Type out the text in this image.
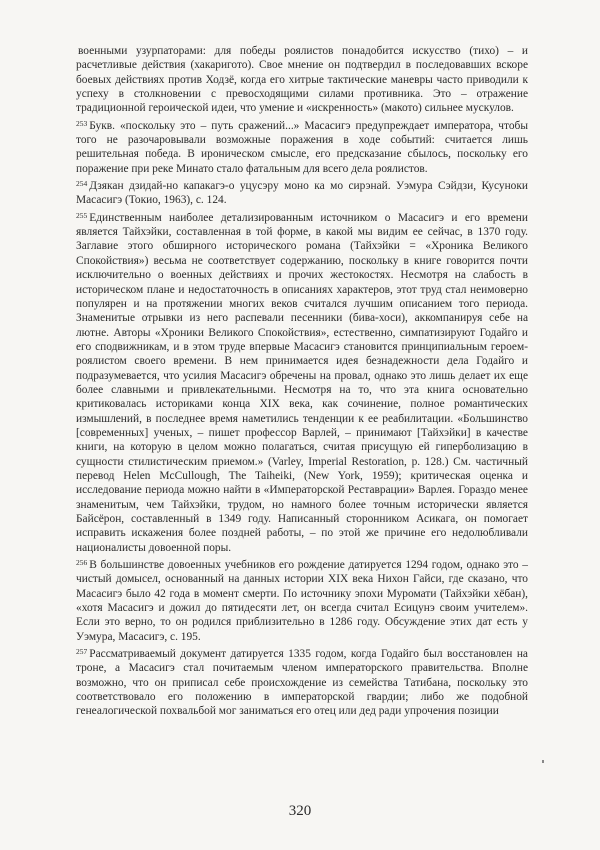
военными узурпаторами: для победы роялистов понадобится искусство (тихо) – и расчетливые действия (хакаригото). Свое мнение он подтвердил в последовавших вскоре боевых действиях против Ходзё, когда его хитрые тактические маневры часто приводили к успеху в столкновении с превосходящими силами противника. Это – отражение традиционной героической идеи, что умение и «искренность» (макото) сильнее мускулов.

$^{253}$ Букв. «поскольку это – путь сражений...» Масасигэ предупреждает императора, чтобы того не разочаровывали возможные поражения в ходе событий: считается лишь решительная победа. В ироническом смысле, его предсказание сбылось, поскольку его поражение при реке Минато стало фатальным для всего дела роялистов.

$^{254}$ Дзякан дзидай-но капакагэ-о уцусэру моно ка мо сирэнай. Уэмура Сэйдзи, Кусуноки Масасигэ (Токио, 1963), с. 124.

$^{255}$ Единственным наиболее детализированным источником о Масасигэ и его времени является Тайхэйки, составленная в той форме, в какой мы видим ее сейчас, в 1370 году. Заглавие этого обширного исторического романа (Тайхэйки = «Хроника Великого Спокойствия») весьма не соответствует содержанию, поскольку в книге говорится почти исключительно о военных действиях и прочих жестокостях. Несмотря на слабость в историческом плане и недостаточность в описаниях характеров, этот труд стал неимоверно популярен и на протяжении многих веков считался лучшим описанием того периода. Знаменитые отрывки из него распевали песенники (бива-хоси), аккомпанируя себе на лютне. Авторы «Хроники Великого Спокойствия», естественно, симпатизируют Годайго и его сподвижникам, и в этом труде впервые Масасигэ становится принципиальным героем-роялистом своего времени. В нем принимается идея безнадежности дела Годайго и подразумевается, что усилия Масасигэ обречены на провал, однако это лишь делает их еще более славными и привлекательными. Несмотря на то, что эта книга основательно критиковалась историками конца XIX века, как сочинение, полное романтических измышлений, в последнее время наметились тенденции к ее реабилитации. «Большинство [современных] ученых, – пишет профессор Варлей, – принимают [Тайхэйки] в качестве книги, на которую в целом можно полагаться, считая присущую ей гиперболизацию в сущности стилистическим приемом.» (Varley, Imperial Restoration, p. 128.) См. частичный перевод Helen McCullough, The Taiheiki, (New York, 1959); критическая оценка и исследование периода можно найти в «Императорской Реставрации» Варлея. Гораздо менее знаменитым, чем Тайхэйки, трудом, но намного более точным исторически является Байсёрон, составленный в 1349 году. Написанный сторонником Асикага, он помогает исправить искажения более поздней работы, – по этой же причине его недолюбливали националисты довоенной поры.

$^{256}$ В большинстве довоенных учебников его рождение датируется 1294 годом, однако это – чистый домысел, основанный на данных истории XIX века Нихон Гайси, где сказано, что Масасигэ было 42 года в момент смерти. По источнику эпохи Муромати (Тайхэйки хёбан), «хотя Масасигэ и дожил до пятидесяти лет, он всегда считал Есицунэ своим учителем». Если это верно, то он родился приблизительно в 1286 году. Обсуждение этих дат есть у Уэмура, Масасигэ, с. 195.

$^{257}$ Рассматриваемый документ датируется 1335 годом, когда Годайго был восстановлен на троне, а Масасигэ стал почитаемым членом императорского правительства. Вполне возможно, что он приписал себе происхождение из семейства Татибана, поскольку это соответствовало его положению в императорской гвардии; либо же подобной генеалогической похвальбой мог заниматься его отец или дед ради упрочения позиции

320
